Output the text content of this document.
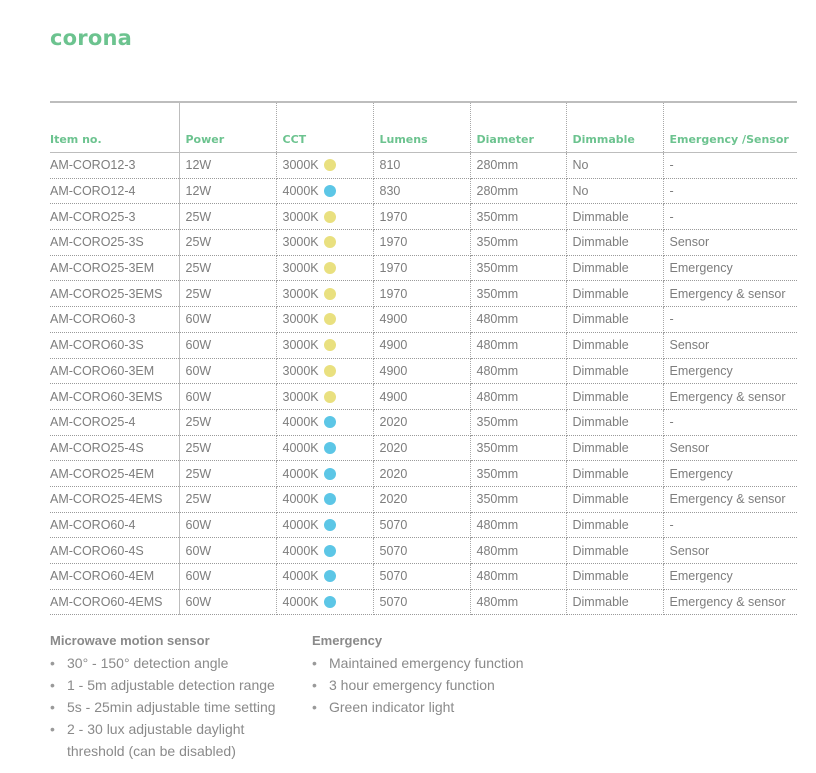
corona
Item no.	Power	CCT	Lumens	Diameter	Dimmable	Emergency /Sensor
AM-CORO12-3	12W	3000K	810	280mm	No	-
AM-CORO12-4	12W	4000K	830	280mm	No	-
AM-CORO25-3	25W	3000K	1970	350mm	Dimmable	-
AM-CORO25-3S	25W	3000K	1970	350mm	Dimmable	Sensor
AM-CORO25-3EM	25W	3000K	1970	350mm	Dimmable	Emergency
AM-CORO25-3EMS	25W	3000K	1970	350mm	Dimmable	Emergency & sensor
AM-CORO60-3	60W	3000K	4900	480mm	Dimmable	-
AM-CORO60-3S	60W	3000K	4900	480mm	Dimmable	Sensor
AM-CORO60-3EM	60W	3000K	4900	480mm	Dimmable	Emergency
AM-CORO60-3EMS	60W	3000K	4900	480mm	Dimmable	Emergency & sensor
AM-CORO25-4	25W	4000K	2020	350mm	Dimmable	-
AM-CORO25-4S	25W	4000K	2020	350mm	Dimmable	Sensor
AM-CORO25-4EM	25W	4000K	2020	350mm	Dimmable	Emergency
AM-CORO25-4EMS	25W	4000K	2020	350mm	Dimmable	Emergency & sensor
AM-CORO60-4	60W	4000K	5070	480mm	Dimmable	-
AM-CORO60-4S	60W	4000K	5070	480mm	Dimmable	Sensor
AM-CORO60-4EM	60W	4000K	5070	480mm	Dimmable	Emergency
AM-CORO60-4EMS	60W	4000K	5070	480mm	Dimmable	Emergency & sensor
Microwave motion sensor
• 30° - 150° detection angle
• 1 - 5m adjustable detection range
• 5s - 25min adjustable time setting
• 2 - 30 lux adjustable daylight
threshold (can be disabled)
Emergency
• Maintained emergency function
• 3 hour emergency function
• Green indicator light
